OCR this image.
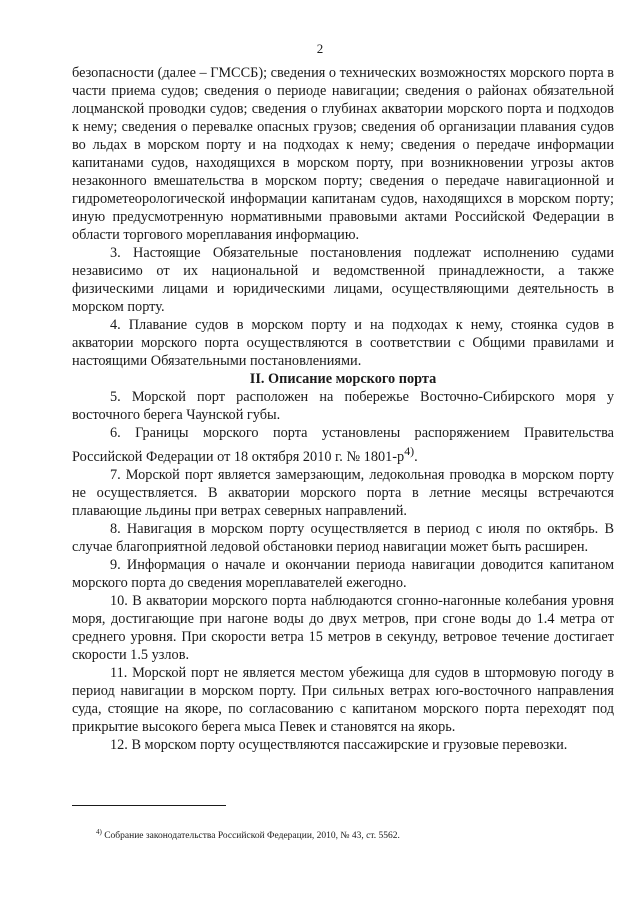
2

безопасности (далее – ГМССБ); сведения о технических возможностях морского порта в части приема судов; сведения о периоде навигации; сведения о районах обязательной лоцманской проводки судов; сведения о глубинах акватории морского порта и подходов к нему; сведения о перевалке опасных грузов; сведения об организации плавания судов во льдах в морском порту и на подходах к нему; сведения о передаче информации капитанами судов, находящихся в морском порту, при возникновении угрозы актов незаконного вмешательства в морском порту; сведения о передаче навигационной и гидрометеорологической информации капитанам судов, находящихся в морском порту; иную предусмотренную нормативными правовыми актами Российской Федерации в области торгового мореплавания информацию.

3. Настоящие Обязательные постановления подлежат исполнению судами независимо от их национальной и ведомственной принадлежности, а также физическими лицами и юридическими лицами, осуществляющими деятельность в морском порту.

4. Плавание судов в морском порту и на подходах к нему, стоянка судов в акватории морского порта осуществляются в соответствии с Общими правилами и настоящими Обязательными постановлениями.

II. Описание морского порта

5. Морской порт расположен на побережье Восточно-Сибирского моря у восточного берега Чаунской губы.

6. Границы морского порта установлены распоряжением Правительства Российской Федерации от 18 октября 2010 г. № $1801-р^{4)}$.

7. Морской порт является замерзающим, ледокольная проводка в морском порту не осуществляется. В акватории морского порта в летние месяцы встречаются плавающие льдины при ветрах северных направлений.

8. Навигация в морском порту осуществляется в период с июля по октябрь. В случае благоприятной ледовой обстановки период навигации может быть расширен.

9. Информация о начале и окончании периода навигации доводится капитаном морского порта до сведения мореплавателей ежегодно.

10. В акватории морского порта наблюдаются сгонно-нагонные колебания уровня моря, достигающие при нагоне воды до двух метров, при сгоне воды до 1.4 метра от среднего уровня. При скорости ветра 15 метров в секунду, ветровое течение достигает скорости 1.5 узлов.

11. Морской порт не является местом убежища для судов в штормовую погоду в период навигации в морском порту. При сильных ветрах юго-восточного направления суда, стоящие на якоре, по согласованию с капитаном морского порта переходят под прикрытие высокого берега мыса Певек и становятся на якорь.

12. В морском порту осуществляются пассажирские и грузовые перевозки.

$^{4)}$ Собрание законодательства Российской Федерации, 2010, № 43, ст. 5562.
